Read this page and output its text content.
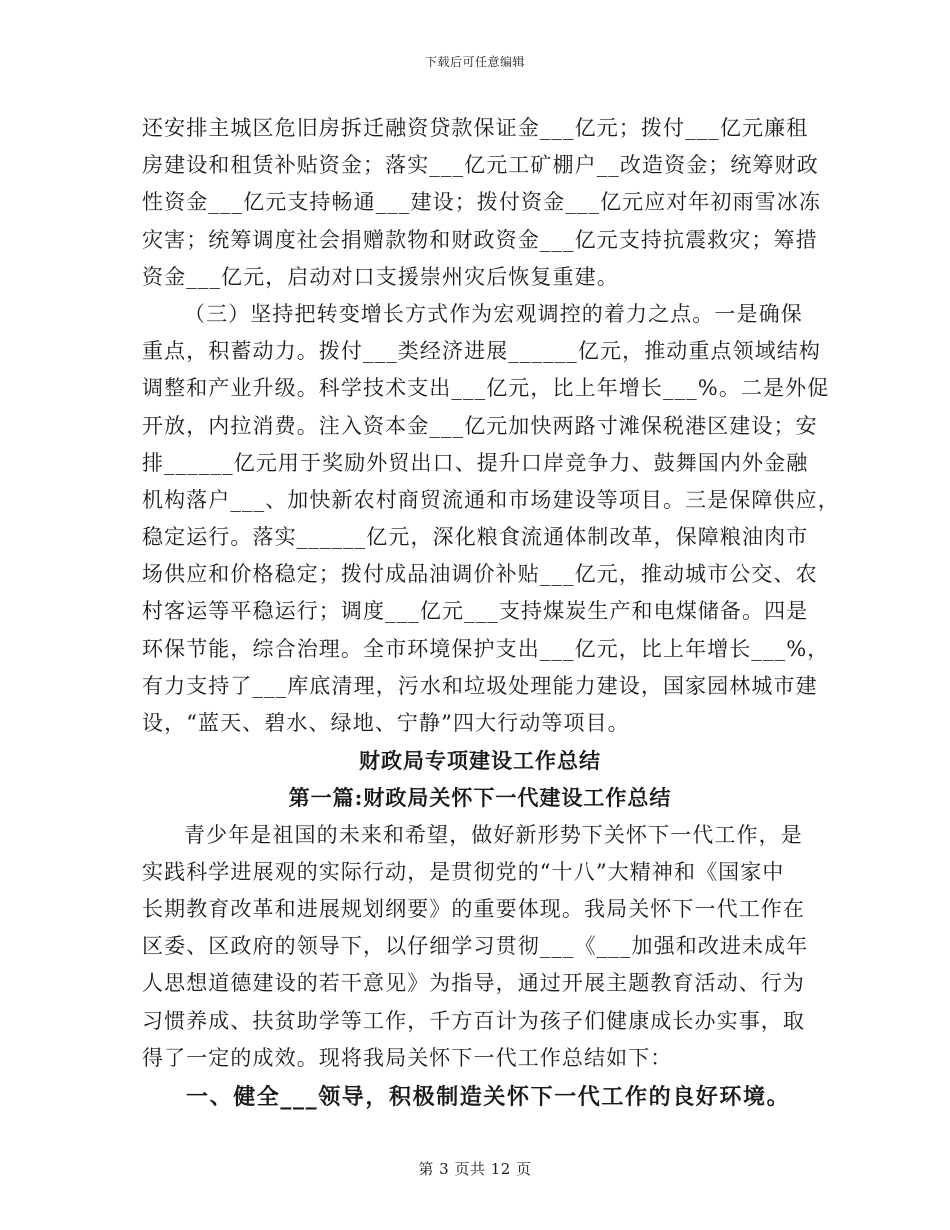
下载后可任意编辑
还安排主城区危旧房拆迁融资贷款保证金___亿元；拨付___亿元廉租
房建设和租赁补贴资金；落实___亿元工矿棚户__改造资金；统筹财政
性资金___亿元支持畅通___建设；拨付资金___亿元应对年初雨雪冰冻
灾害；统筹调度社会捐赠款物和财政资金___亿元支持抗震救灾；筹措
资金___亿元，启动对口支援崇州灾后恢复重建。
（三）坚持把转变增长方式作为宏观调控的着力之点。一是确保
重点，积蓄动力。拨付___类经济进展______亿元，推动重点领域结构
调整和产业升级。科学技术支出___亿元，比上年增长___%。二是外促
开放，内拉消费。注入资本金___亿元加快两路寸滩保税港区建设；安
排______亿元用于奖励外贸出口、提升口岸竞争力、鼓舞国内外金融
机构落户___、加快新农村商贸流通和市场建设等项目。三是保障供应，
稳定运行。落实______亿元，深化粮食流通体制改革，保障粮油肉市
场供应和价格稳定；拨付成品油调价补贴___亿元，推动城市公交、农
村客运等平稳运行；调度___亿元___支持煤炭生产和电煤储备。四是
环保节能，综合治理。全市环境保护支出___亿元，比上年增长___%，
有力支持了___库底清理，污水和垃圾处理能力建设，国家园林城市建
设，“蓝天、碧水、绿地、宁静”四大行动等项目。
财政局专项建设工作总结
第一篇:财政局关怀下一代建设工作总结
青少年是祖国的未来和希望，做好新形势下关怀下一代工作，是
实践科学进展观的实际行动，是贯彻党的“十八”大精神和《国家中
长期教育改革和进展规划纲要》的重要体现。我局关怀下一代工作在
区委、区政府的领导下，以仔细学习贯彻___《___加强和改进未成年
人思想道德建设的若干意见》为指导，通过开展主题教育活动、行为
习惯养成、扶贫助学等工作，千方百计为孩子们健康成长办实事，取
得了一定的成效。现将我局关怀下一代工作总结如下：
一、健全___领导，积极制造关怀下一代工作的良好环境。
第 3 页共 12 页
